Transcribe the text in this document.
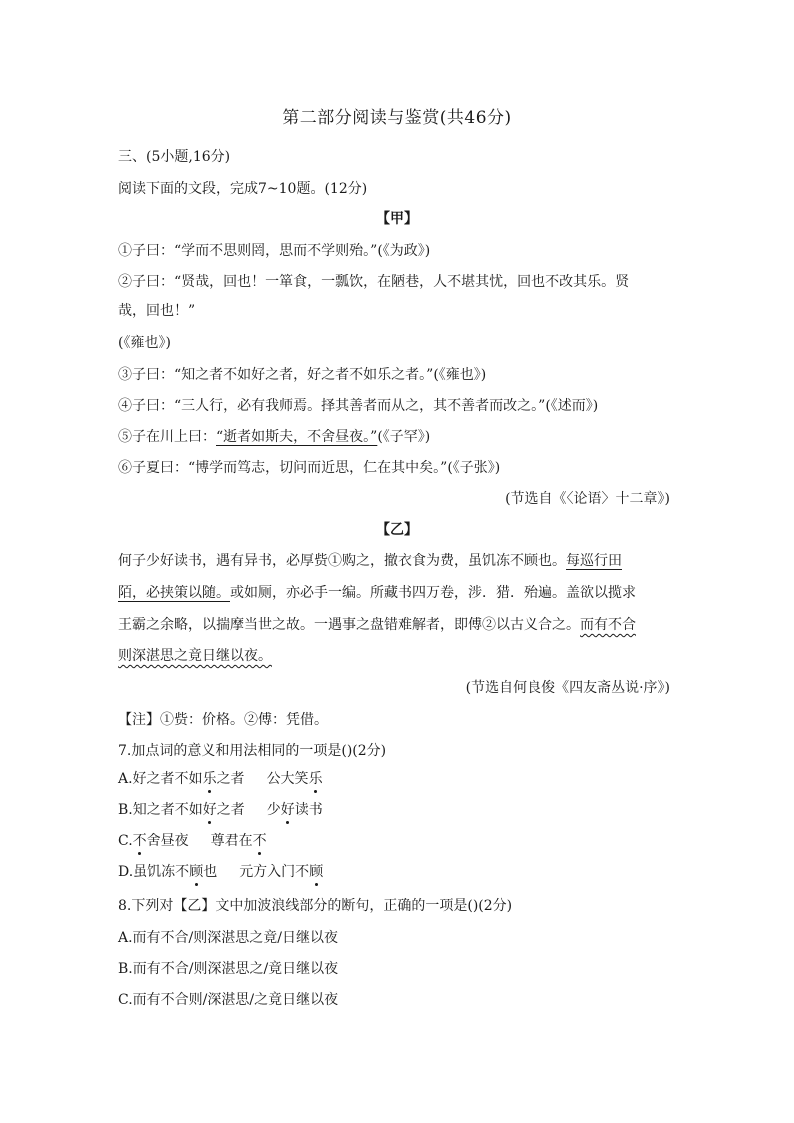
第二部分阅读与鉴赏(共46分)
三、(5小题,16分)
阅读下面的文段，完成7~10题。(12分)
【甲】
①子曰：“学而不思则罔，思而不学则殆。”(《为政》)
②子曰：“贤哉，回也！一箪食，一瓢饮，在陋巷，人不堪其忧，回也不改其乐。贤
哉，回也！”
(《雍也》)
③子曰：“知之者不如好之者，好之者不如乐之者。”(《雍也》)
④子曰：“三人行，必有我师焉。择其善者而从之，其不善者而改之。”(《述而》)
⑤子在川上曰：“逝者如斯夫，不舍昼夜。”(《子罕》)
⑥子夏曰：“博学而笃志，切问而近思，仁在其中矣。”(《子张》)
(节选自《〈论语〉十二章》)
【乙】
何子少好读书，遇有异书，必厚赀①购之，撤衣食为费，虽饥冻不顾也。每巡行田
陌，必挟策以随。或如厕，亦必手一编。所藏书四万卷，涉．猎．殆遍。盖欲以揽求
王霸之余略，以揣摩当世之故。一遇事之盘错难解者，即傅②以古义合之。而有不合
则深湛思之竟日继以夜。
(节选自何良俊《四友斋丛说·序》)
【注】①赀：价格。②傅：凭借。
7.加点词的意义和用法相同的一项是()(2分)
A.好之者不如乐之者 公大笑乐
B.知之者不如好之者 少好读书
C.不舍昼夜 尊君在不
D.虽饥冻不顾也 元方入门不顾
8.下列对【乙】文中加波浪线部分的断句，正确的一项是()(2分)
A.而有不合/则深湛思之竟/日继以夜
B.而有不合/则深湛思之/竟日继以夜
C.而有不合则/深湛思/之竟日继以夜
